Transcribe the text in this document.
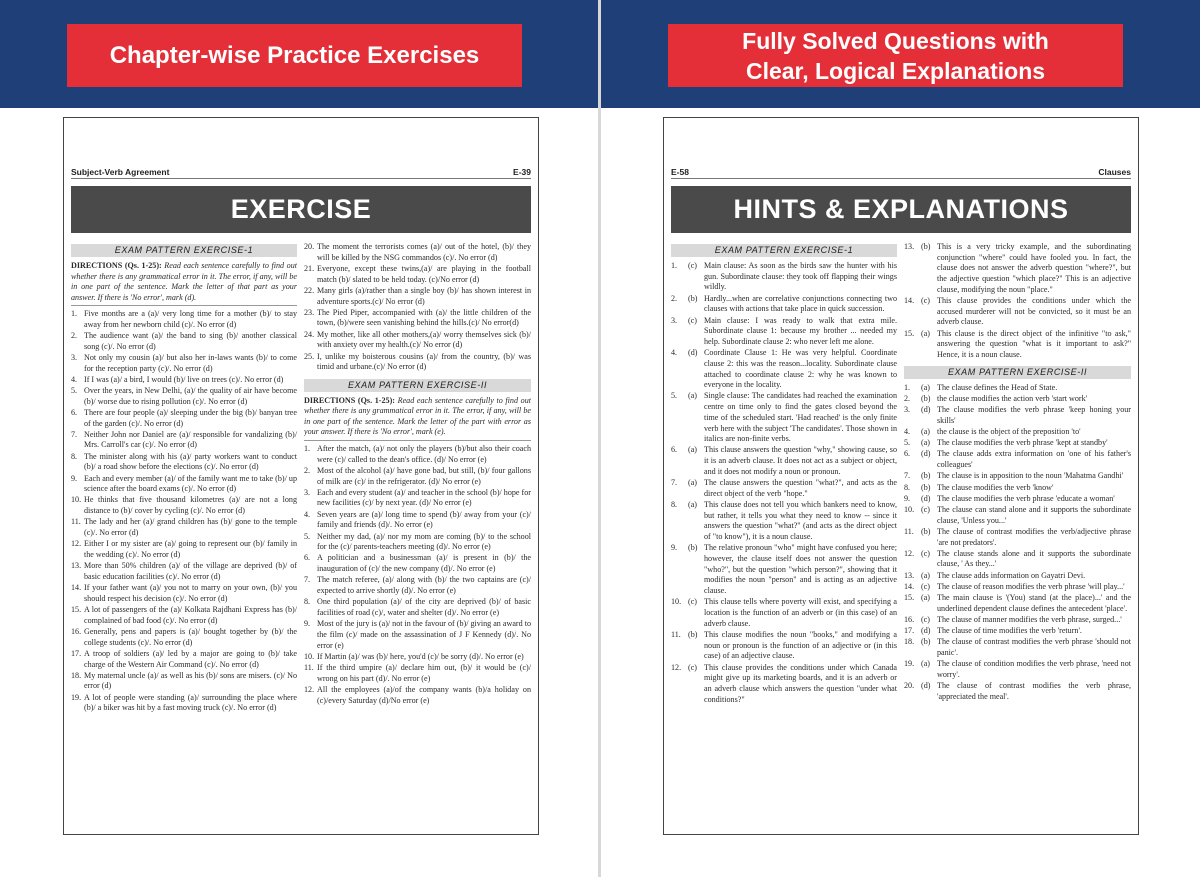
Chapter-wise Practice Exercises
Fully Solved Questions with
Clear, Logical Explanations
Subject-Verb Agreement	E-39
EXERCISE
EXAM PATTERN EXERCISE-1
DIRECTIONS (Qs. 1-25): Read each sentence carefully to find out whether there is any grammatical error in it. The error, if any, will be in one part of the sentence. Mark the letter of that part as your answer. If there is 'No error', mark (d).
1. Five months are a (a)/ very long time for a mother (b)/ to stay away from her newborn child (c)/. No error (d)
2. The audience want (a)/ the band to sing (b)/ another classical song (c)/. No error (d)
3. Not only my cousin (a)/ but also her in-laws wants (b)/ to come for the reception party (c)/. No error (d)
4. If I was (a)/ a bird, I would (b)/ live on trees (c)/. No error (d)
5. Over the years, in New Delhi, (a)/ the quality of air have become (b)/ worse due to rising pollution (c)/. No error (d)
6. There are four people (a)/ sleeping under the big (b)/ banyan tree of the garden (c)/. No error (d)
7. Neither John nor Daniel are (a)/ responsible for vandalizing (b)/ Mrs. Carroll's car (c)/. No error (d)
8. The minister along with his (a)/ party workers want to conduct (b)/ a road show before the elections (c)/. No error (d)
9. Each and every member (a)/ of the family want me to take (b)/ up science after the board exams (c)/. No error (d)
10. He thinks that five thousand kilometres (a)/ are not a long distance to (b)/ cover by cycling (c)/. No error (d)
11. The lady and her (a)/ grand children has (b)/ gone to the temple (c)/. No error (d)
12. Either I or my sister are (a)/ going to represent our (b)/ family in the wedding (c)/. No error (d)
13. More than 50% children (a)/ of the village are deprived (b)/ of basic education facilities (c)/. No error (d)
14. If your father want (a)/ you not to marry on your own, (b)/ you should respect his decision (c)/. No error (d)
15. A lot of passengers of the (a)/ Kolkata Rajdhani Express has (b)/ complained of bad food (c)/. No error (d)
16. Generally, pens and papers is (a)/ bought together by (b)/ the college students (c)/. No error (d)
17. A troop of soldiers (a)/ led by a major are going to (b)/ take charge of the Western Air Command (c)/. No error (d)
18. My maternal uncle (a)/ as well as his (b)/ sons are misers. (c)/ No error (d)
19. A lot of people were standing (a)/ surrounding the place where (b)/ a biker was hit by a fast moving truck (c)/. No error (d)
20. The moment the terrorists comes (a)/ out of the hotel, (b)/ they will be killed by the NSG commandos (c)/. No error (d)
21. Everyone, except these twins,(a)/ are playing in the football match (b)/ slated to be held today. (c)/No error (d)
22. Many girls (a)/rather than a single boy (b)/ has shown interest in adventure sports.(c)/ No error (d)
23. The Pied Piper, accompanied with (a)/ the little children of the town, (b)/were seen vanishing behind the hills.(c)/ No error(d)
24. My mother, like all other mothers,(a)/ worry themselves sick (b)/ with anxiety over my health.(c)/ No error (d)
25. I, unlike my boisterous cousins (a)/ from the country, (b)/ was timid and urbane.(c)/ No error (d)
EXAM PATTERN EXERCISE-II
DIRECTIONS (Qs. 1-25): Read each sentence carefully to find out whether there is any grammatical error in it. The error, if any, will be in one part of the sentence. Mark the letter of the part with error as your answer. If there is 'No error', mark (e).
1. After the match, (a)/ not only the players (b)/but also their coach were (c)/ called to the dean's office. (d)/ No error (e)
2. Most of the alcohol (a)/ have gone bad, but still, (b)/ four gallons of milk are (c)/ in the refrigerator. (d)/ No error (e)
3. Each and every student (a)/ and teacher in the school (b)/ hope for new facilities (c)/ by next year. (d)/ No error (e)
4. Seven years are (a)/ long time to spend (b)/ away from your (c)/ family and friends (d)/. No error (e)
5. Neither my dad, (a)/ nor my mom are coming (b)/ to the school for the (c)/ parents-teachers meeting (d)/. No error (e)
6. A politician and a businessman (a)/ is present in (b)/ the inauguration of (c)/ the new company (d)/. No error (e)
7. The match referee, (a)/ along with (b)/ the two captains are (c)/ expected to arrive shortly (d)/. No error (e)
8. One third population (a)/ of the city are deprived (b)/ of basic facilities of road (c)/, water and shelter (d)/. No error (e)
9. Most of the jury is (a)/ not in the favour of (b)/ giving an award to the film (c)/ made on the assassination of J F Kennedy (d)/. No error (e)
10. If Martin (a)/ was (b)/ here, you'd (c)/ be sorry (d)/. No error (e)
11. If the third umpire (a)/ declare him out, (b)/ it would be (c)/ wrong on his part (d)/. No error (e)
12. All the employees (a)/of the company wants (b)/a holiday on (c)/every Saturday (d)/No error (e)
E-58	Clauses
HINTS & EXPLANATIONS
EXAM PATTERN EXERCISE-1
1.	(c) Main clause: As soon as the birds saw the hunter with his gun. Subordinate clause: they took off flapping their wings wildly.
2.	(b) Hardly...when are correlative conjunctions connecting two clauses with actions that take place in quick succession.
3.	(c) Main clause: I was ready to walk that extra mile. Subordinate clause 1: because my brother ... needed my help. Subordinate clause 2: who never left me alone.
4.	(d) Coordinate Clause 1: He was very helpful. Coordinate clause 2: this was the reason...locality. Subordinate clause attached to coordinate clause 2: why he was known to everyone in the locality.
5.	(a) Single clause: The candidates had reached the examination centre on time only to find the gates closed beyond the time of the scheduled start. 'Had reached' is the only finite verb here with the subject 'The candidates'. Those shown in italics are non-finite verbs.
6.	(a) This clause answers the question "why," showing cause, so it is an adverb clause. It does not act as a subject or object, and it does not modify a noun or pronoun.
7.	(a) The clause answers the question "what?", and acts as the direct object of the verb "hope."
8.	(a) This clause does not tell you which bankers need to know, but rather, it tells you what they need to know -- since it answers the question "what?" (and acts as the direct object of "to know"), it is a noun clause.
9.	(b) The relative pronoun "who" might have confused you here; however, the clause itself does not answer the question "who?", but the question "which person?", showing that it modifies the noun "person" and is acting as an adjective clause.
10. (c) This clause tells where poverty will exist, and specifying a location is the function of an adverb or (in this case) of an adverb clause.
11. (b) This clause modifies the noun "books," and modifying a noun or pronoun is the function of an adjective or (in this case) of an adjective clause.
12. (c) This clause provides the conditions under which Canada might give up its marketing boards, and it is an adverb or an adverb clause which answers the question "under what conditions?"
13. (b) This is a very tricky example, and the subordinating conjunction "where" could have fooled you. In fact, the clause does not answer the adverb question "where?", but the adjective question "which place?" This is an adjective clause, modifying the noun "place."
14. (c) This clause provides the conditions under which the accused murderer will not be convicted, so it must be an adverb clause.
15. (a) This clause is the direct object of the infinitive "to ask," answering the question "what is it important to ask?" Hence, it is a noun clause.
EXAM PATTERN EXERCISE-II
1.	(a) The clause defines the Head of State.
2.	(b) the clause modifies the action verb 'start work'
3.	(d) The clause modifies the verb phrase 'keep honing your skills'
4.	(a) the clause is the object of the preposition 'to'
5.	(a) The clause modifies the verb phrase 'kept at standby'
6.	(d) The clause adds extra information on 'one of his father's colleagues'
7.	(b) The clause is in apposition to the noun 'Mahatma Gandhi'
8.	(b) The clause modifies the verb 'know'
9.	(d) The clause modifies the verb phrase 'educate a woman'
10. (c) The clause can stand alone and it supports the subordinate clause, 'Unless you...'
11. (b) The clause of contrast modifies the verb/adjective phrase 'are not predators'.
12. (c) The clause stands alone and it supports the subordinate clause, ' As they...'
13. (a) The clause adds information on Gayatri Devi.
14. (c) The clause of reason modifies the verb phrase 'will play...'
15. (a) The main clause is '(You) stand (at the place)...' and the underlined dependent clause defines the antecedent 'place'.
16. (c) The clause of manner modifies the verb phrase, surged...'
17. (d) The clause of time modifies the verb 'return'.
18. (b) The clause of contrast modifies the verb phrase 'should not panic'.
19. (a) The clause of condition modifies the verb phrase, 'need not worry'.
20. (d) The clause of contrast modifies the verb phrase, 'appreciated the meal'.
